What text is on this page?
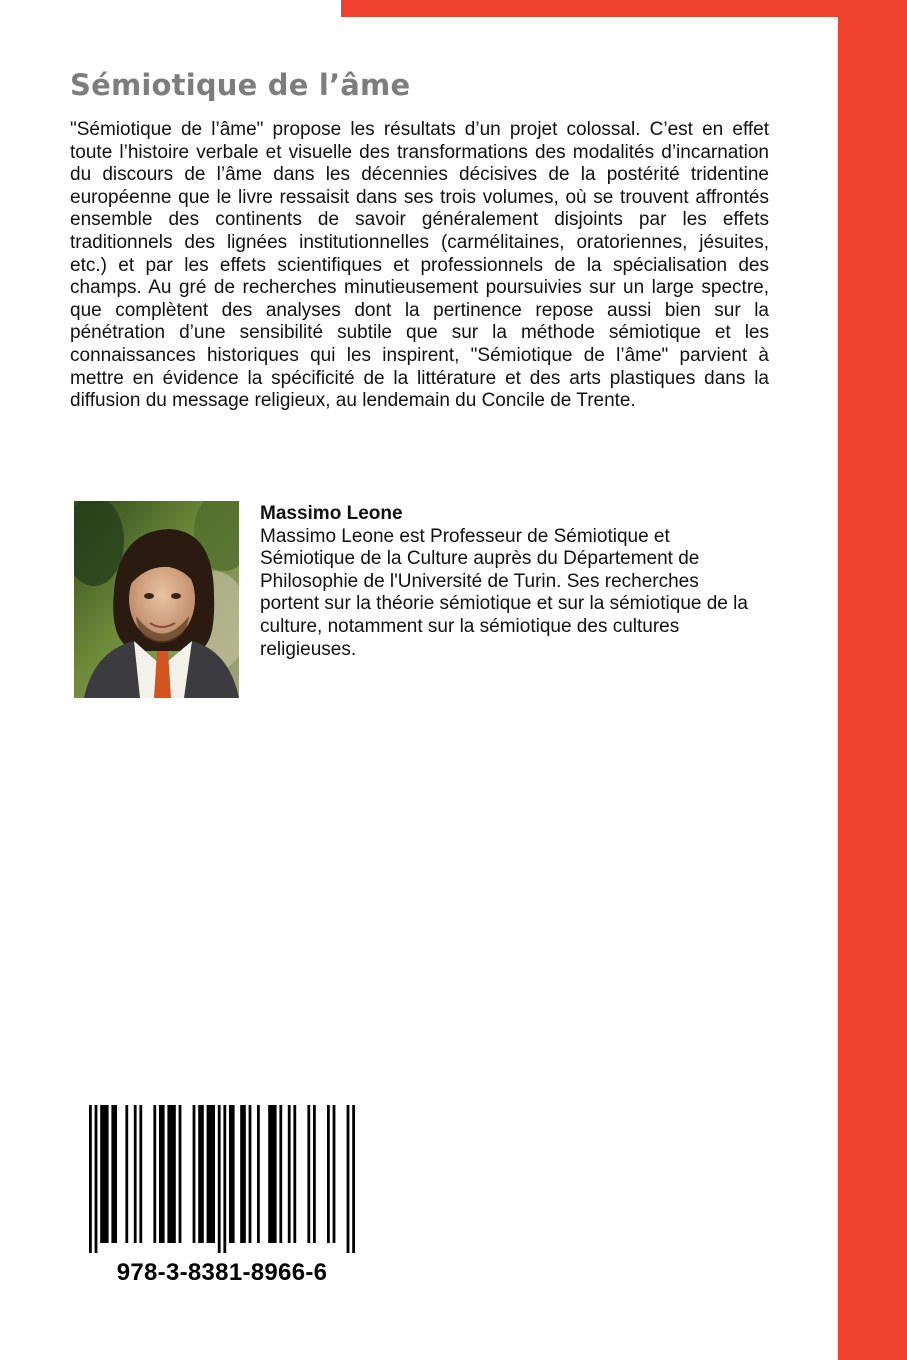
Sémiotique de l’âme

"Sémiotique de l’âme" propose les résultats d’un projet colossal. C’est en effet toute l’histoire verbale et visuelle des transformations des modalités d’incarnation du discours de l’âme dans les décennies décisives de la postérité tridentine européenne que le livre ressaisit dans ses trois volumes, où se trouvent affrontés ensemble des continents de savoir généralement disjoints par les effets traditionnels des lignées institutionnelles (carmélitaines, oratoriennes, jésuites, etc.) et par les effets scientifiques et professionnels de la spécialisation des champs. Au gré de recherches minutieusement poursuivies sur un large spectre, que complètent des analyses dont la pertinence repose aussi bien sur la pénétration d’une sensibilité subtile que sur la méthode sémiotique et les connaissances historiques qui les inspirent, "Sémiotique de l’âme" parvient à mettre en évidence la spécificité de la littérature et des arts plastiques dans la diffusion du message religieux, au lendemain du Concile de Trente.

Massimo Leone
Massimo Leone est Professeur de Sémiotique et Sémiotique de la Culture auprès du Département de Philosophie de l'Université de Turin. Ses recherches portent sur la théorie sémiotique et sur la sémiotique de la culture, notamment sur la sémiotique des cultures religieuses.
978-3-8381-8966-6
